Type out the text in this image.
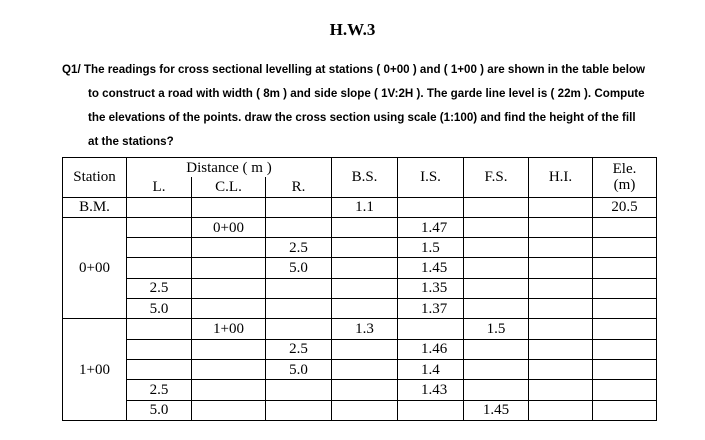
H.W.3
Q1/ The readings for cross sectional levelling at stations ( 0+00 ) and ( 1+00 ) are shown in the table below
to construct a road with width ( 8m ) and side slope ( 1V:2H ). The garde line level is ( 22m ). Compute
the elevations of the points. draw the cross section using scale (1:100) and find the height of the fill
at the stations?
Station	Distance ( m )			B.S.	I.S.	F.S.	H.I.	Ele.
(m)

	L.	C.L.	R.					
B.M.				1.1				20.5
0+00		0+00			1.47			
			2.5		1.5			
			5.0		1.45			
	2.5				1.35			
	5.0				1.37			
1+00		1+00		1.3		1.5		
			2.5		1.46			
			5.0		1.4			
	2.5				1.43			
	5.0					1.45		
